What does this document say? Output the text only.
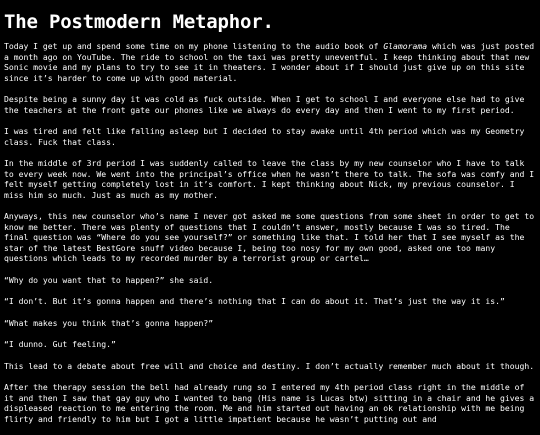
The Postmodern Metaphor.

Today I get up and spend some time on my phone listening to the audio book of Glamorama which was just posted a month ago on YouTube. The ride to school on the taxi was pretty uneventful. I keep thinking about that new Sonic movie and my plans to try to see it in theaters. I wonder about if I should just give up on this site since it’s harder to come up with good material.

Despite being a sunny day it was cold as fuck outside. When I get to school I and everyone else had to give the teachers at the front gate our phones like we always do every day and then I went to my first period.

I was tired and felt like falling asleep but I decided to stay awake until 4th period which was my Geometry class. Fuck that class.

In the middle of 3rd period I was suddenly called to leave the class by my new counselor who I have to talk to every week now. We went into the principal’s office when he wasn’t there to talk. The sofa was comfy and I felt myself getting completely lost in it’s comfort. I kept thinking about Nick, my previous counselor. I miss him so much. Just as much as my mother.

Anyways, this new counselor who’s name I never got asked me some questions from some sheet in order to get to know me better. There was plenty of questions that I couldn’t answer, mostly because I was so tired. The final question was “Where do you see yourself?” or something like that. I told her that I see myself as the star of the latest BestGore snuff video because I, being too nosy for my own good, asked one too many questions which leads to my recorded murder by a terrorist group or cartel…

“Why do you want that to happen?” she said.

“I don’t. But it’s gonna happen and there’s nothing that I can do about it. That’s just the way it is.”

“What makes you think that’s gonna happen?”

“I dunno. Gut feeling.”

This lead to a debate about free will and choice and destiny. I don’t actually remember much about it though.

After the therapy session the bell had already rung so I entered my 4th period class right in the middle of it and then I saw that gay guy who I wanted to bang (His name is Lucas btw) sitting in a chair and he gives a displeased reaction to me entering the room. Me and him started out having an ok relationship with me being flirty and friendly to him but I got a little impatient because he wasn’t putting out and
